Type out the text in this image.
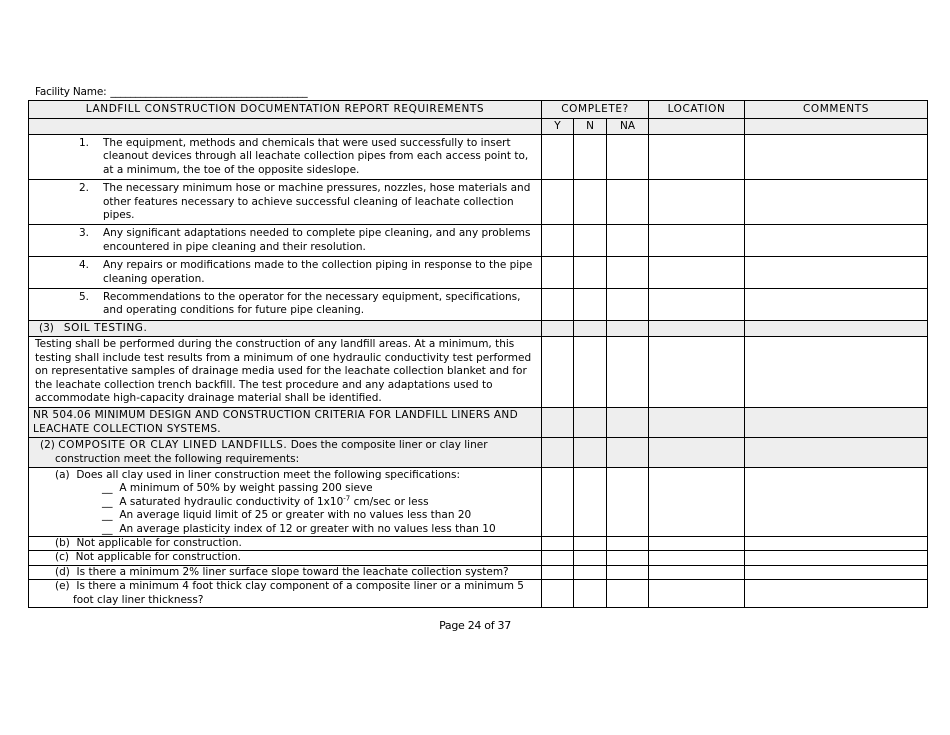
Facility Name: _______________________________________
LANDFILL CONSTRUCTION DOCUMENTATION REPORT REQUIREMENTS	COMPLETE?			LOCATION	COMMENTS
	Y	N	NA		

1. The equipment, methods and chemicals that were used successfully to insert cleanout devices through all leachate collection pipes from each access point to, at a minimum, the toe of the opposite sideslope.					

2. The necessary minimum hose or machine pressures, nozzles, hose materials and other features necessary to achieve successful cleaning of leachate collection pipes.					

3. Any significant adaptations needed to complete pipe cleaning, and any problems encountered in pipe cleaning and their resolution.					

4. Any repairs or modifications made to the collection piping in response to the pipe cleaning operation.					

5. Recommendations to the operator for the necessary equipment, specifications, and operating conditions for future pipe cleaning.					

(3) SOIL TESTING.					

Testing shall be performed during the construction of any landfill areas. At a minimum, this testing shall include test results from a minimum of one hydraulic conductivity test performed on representative samples of drainage media used for the leachate collection blanket and for the leachate collection trench backfill. The test procedure and any adaptations used to accommodate high-capacity drainage material shall be identified.					

NR 504.06 MINIMUM DESIGN AND CONSTRUCTION CRITERIA FOR LANDFILL LINERS AND LEACHATE COLLECTION SYSTEMS.					

(2) COMPOSITE OR CLAY LINED LANDFILLS. Does the composite liner or clay liner construction meet the following requirements:					

(a) Does all clay used in liner construction meet the following specifications:
__ A minimum of 50% by weight passing 200 sieve
__ A saturated hydraulic conductivity of $1x10^{-7}$ cm/sec or less
__ An average liquid limit of 25 or greater with no values less than 20
__ An average plasticity index of 12 or greater with no values less than 10					

(b) Not applicable for construction.					

(c) Not applicable for construction.					

(d) Is there a minimum 2% liner surface slope toward the leachate collection system?					

(e) Is there a minimum 4 foot thick clay component of a composite liner or a minimum 5 foot clay liner thickness?					

Page 24 of 37
